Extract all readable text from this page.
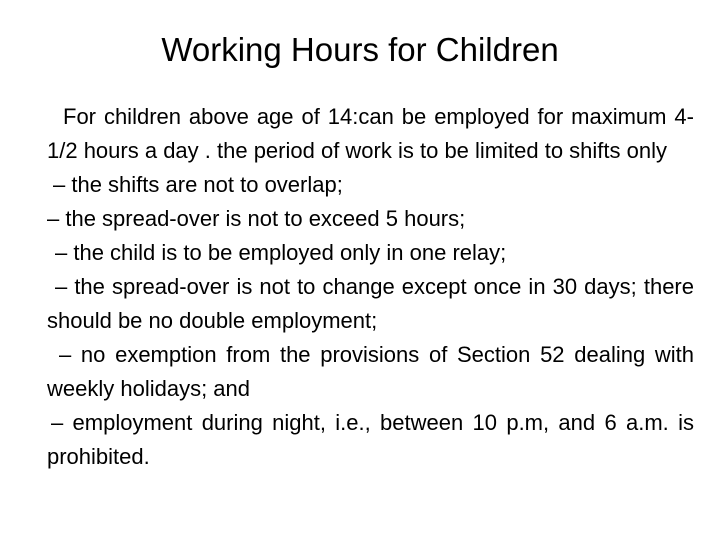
Working Hours for Children

For children above age of 14:can be employed for maximum 4-1/2 hours a day . the period of work is to be limited to shifts only

– the shifts are not to overlap;

– the spread-over is not to exceed 5 hours;

– the child is to be employed only in one relay;

– the spread-over is not to change except once in 30 days; there should be no double employment;

– no exemption from the provisions of Section 52 dealing with weekly holidays; and

– employment during night, i.e., between 10 p.m, and 6 a.m. is prohibited.
